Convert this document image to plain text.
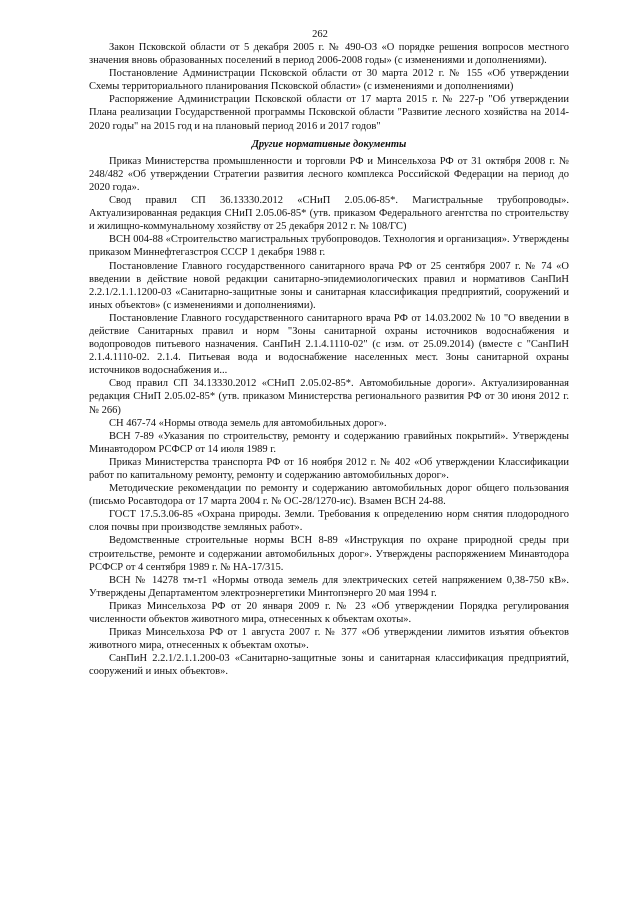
262

Закон Псковской области от 5 декабря 2005 г. № 490-ОЗ «О порядке решения вопросов местного значения вновь образованных поселений в период 2006-2008 годы» (с изменениями и дополнениями).

Постановление Администрации Псковской области от 30 марта 2012 г. № 155 «Об утверждении Схемы территориального планирования Псковской области» (с изменениями и дополнениями)

Распоряжение Администрации Псковской области от 17 марта 2015 г. № 227-р "Об утверждении Плана реализации Государственной программы Псковской области "Развитие лесного хозяйства на 2014-2020 годы" на 2015 год и на плановый период 2016 и 2017 годов"

Другие нормативные документы

Приказ Министерства промышленности и торговли РФ и Минсельхоза РФ от 31 октября 2008 г. № 248/482 «Об утверждении Стратегии развития лесного комплекса Российской Федерации на период до 2020 года».

Свод правил СП 36.13330.2012 «СНиП 2.05.06-85*. Магистральные трубопроводы». Актуализированная редакция СНиП 2.05.06-85* (утв. приказом Федерального агентства по строительству и жилищно-коммунальному хозяйству от 25 декабря 2012 г. № 108/ГС)

ВСН 004-88 «Строительство магистральных трубопроводов. Технология и организация». Утверждены приказом Миннефтегазстроя СССР 1 декабря 1988 г.

Постановление Главного государственного санитарного врача РФ от 25 сентября 2007 г. № 74 «О введении в действие новой редакции санитарно-эпидемиологических правил и нормативов СанПиН 2.2.1/2.1.1.1200-03 «Санитарно-защитные зоны и санитарная классификация предприятий, сооружений и иных объектов» (с изменениями и дополнениями).

Постановление Главного государственного санитарного врача РФ от 14.03.2002 № 10 "О введении в действие Санитарных правил и норм "Зоны санитарной охраны источников водоснабжения и водопроводов питьевого назначения. СанПиН 2.1.4.1110-02" (с изм. от 25.09.2014) (вместе с "СанПиН 2.1.4.1110-02. 2.1.4. Питьевая вода и водоснабжение населенных мест. Зоны санитарной охраны источников водоснабжения и...

Свод правил СП 34.13330.2012 «СНиП 2.05.02-85*. Автомобильные дороги». Актуализированная редакция СНиП 2.05.02-85* (утв. приказом Министерства регионального развития РФ от 30 июня 2012 г. № 266)

СН 467-74 «Нормы отвода земель для автомобильных дорог».

ВСН 7-89 «Указания по строительству, ремонту и содержанию гравийных покрытий». Утверждены Минавтодором РСФСР от 14 июля 1989 г.

Приказ Министерства транспорта РФ от 16 ноября 2012 г. № 402 «Об утверждении Классификации работ по капитальному ремонту, ремонту и содержанию автомобильных дорог».

Методические рекомендации по ремонту и содержанию автомобильных дорог общего пользования (письмо Росавтодора от 17 марта 2004 г. № ОС-28/1270-ис). Взамен ВСН 24-88.

ГОСТ 17.5.3.06-85 «Охрана природы. Земли. Требования к определению норм снятия плодородного слоя почвы при производстве земляных работ».

Ведомственные строительные нормы ВСН 8-89 «Инструкция по охране природной среды при строительстве, ремонте и содержании автомобильных дорог». Утверждены распоряжением Минавтодора РСФСР от 4 сентября 1989 г. № НА-17/315.

ВСН № 14278 тм-т1 «Нормы отвода земель для электрических сетей напряжением 0,38-750 кВ». Утверждены Департаментом электроэнергетики Минтопэнерго 20 мая 1994 г.

Приказ Минсельхоза РФ от 20 января 2009 г. № 23 «Об утверждении Порядка регулирования численности объектов животного мира, отнесенных к объектам охоты».

Приказ Минсельхоза РФ от 1 августа 2007 г. № 377 «Об утверждении лимитов изъятия объектов животного мира, отнесенных к объектам охоты».

СанПиН 2.2.1/2.1.1.200-03 «Санитарно-защитные зоны и санитарная классификация предприятий, сооружений и иных объектов».
